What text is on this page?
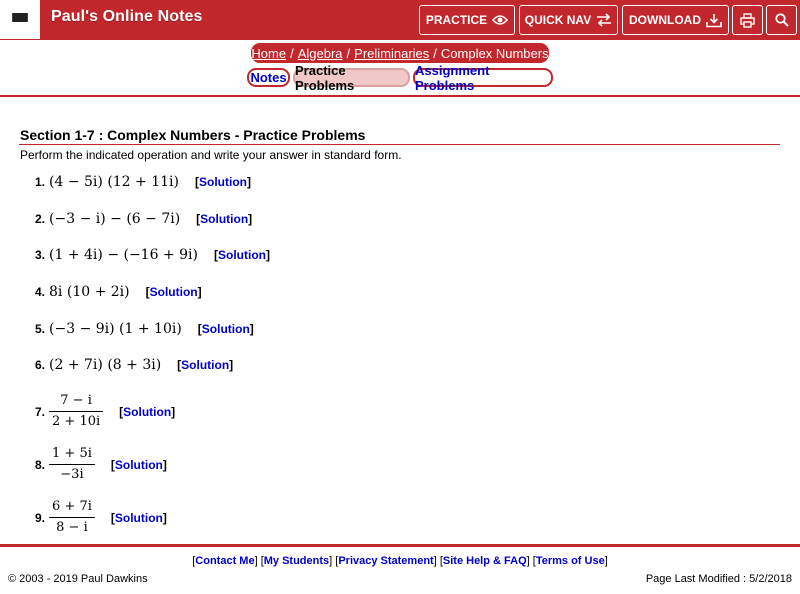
Paul's Online Notes	PRACTICE	QUICK NAV	DOWNLOAD
Home / Algebra / Preliminaries / Complex Numbers
Notes Practice Problems
Assignment Problems
Section 1-7 : Complex Numbers - Practice Problems
Perform the indicated operation and write your answer in standard form.
1. (4 − 5i) (12 + 11i) [Solution]
2. (−3 − i) − (6 − 7i) [Solution]
3. (1 + 4i) − (−16 + 9i) [Solution]
4. 8i (10 + 2i) [Solution]
5. (−3 − 9i) (1 + 10i) [Solution]
6. (2 + 7i) (8 + 3i) [Solution]
7. $\frac{7 - i}{2 + 10i}$ [Solution]
8. $\frac{1 + 5i}{-3i}$ [Solution]
9. $\frac{6 + 7i}{8 - i}$ [Solution]
[Contact Me] [My Students] [Privacy Statement] [Site Help & FAQ] [Terms of Use]
© 2003 - 2019 Paul Dawkins	Page Last Modified : 5/2/2018
